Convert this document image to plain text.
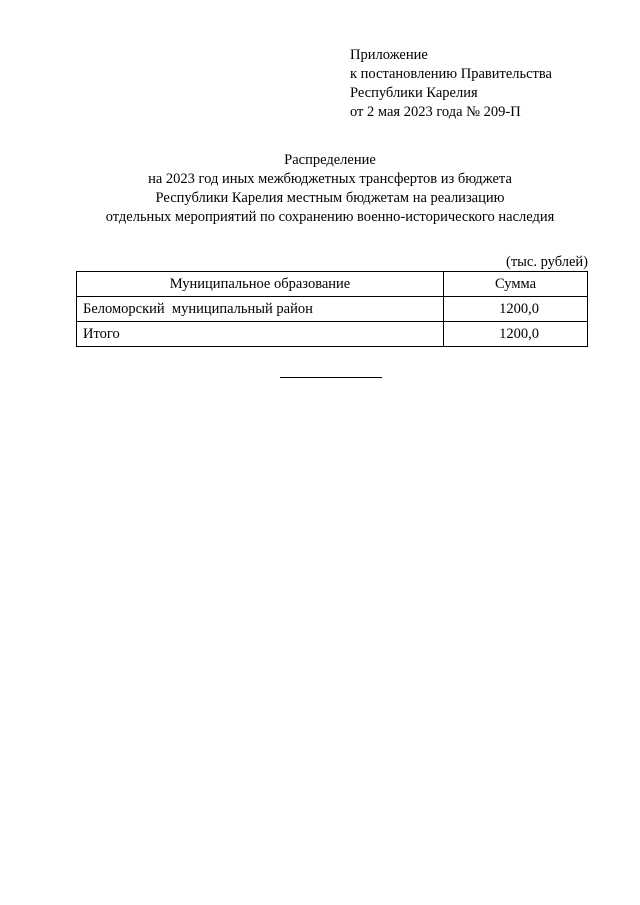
Приложение
к постановлению Правительства
Республики Карелия
от 2 мая 2023 года № 209-П
Распределение
на 2023 год иных межбюджетных трансфертов из бюджета
Республики Карелия местным бюджетам на реализацию
отдельных мероприятий по сохранению военно-исторического наследия
(тыс. рублей)
Муниципальное образование	Сумма
Беломорский  муниципальный район	1200,0
Итого	1200,0
